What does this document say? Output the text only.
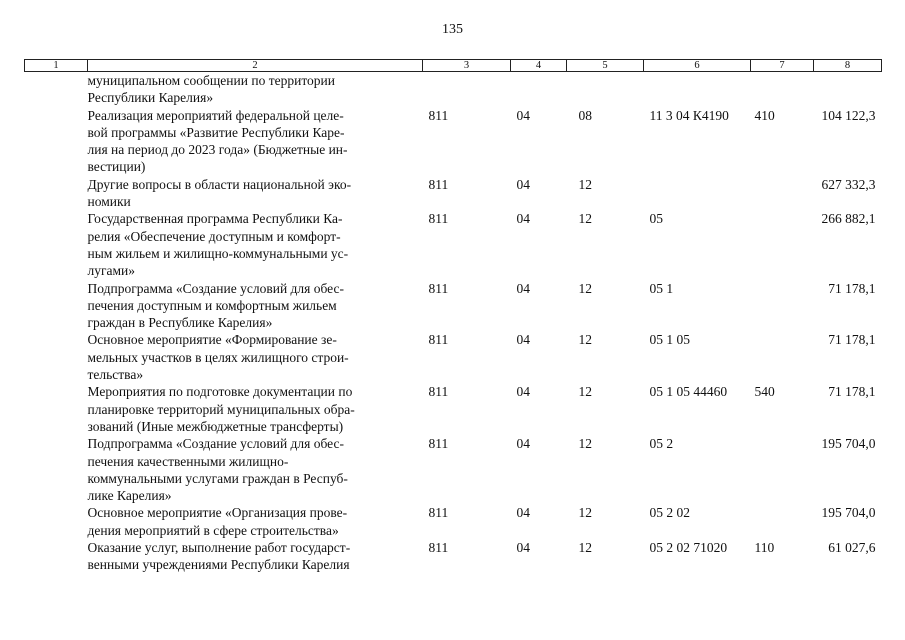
135
1	2	3	4	5	6	7	8
муниципальном сообщении по территории
Республики Карелия»							
Реализация мероприятий федеральной целе-
вой программы «Развитие Республики Каре-
лия на период до 2023 года» (Бюджетные ин-
вестиции)		811	04	08	11 3 04 К4190	410	104 122,3
Другие вопросы в области национальной эко-
номики		811	04	12			627 332,3
Государственная программа Республики Ка-
релия «Обеспечение доступным и комфорт-
ным жильем и жилищно-коммунальными ус-
лугами»		811	04	12	05		266 882,1
Подпрограмма «Создание условий для обес-
печения доступным и комфортным жильем
граждан в Республике Карелия»		811	04	12	05 1		71 178,1
Основное мероприятие «Формирование зе-
мельных участков в целях жилищного строи-
тельства»		811	04	12	05 1 05		71 178,1
Мероприятия по подготовке документации по
планировке территорий муниципальных обра-
зований (Иные межбюджетные трансферты)		811	04	12	05 1 05 44460	540	71 178,1
Подпрограмма «Создание условий для обес-
печения качественными жилищно-
коммунальными услугами граждан в Респуб-
лике Карелия»		811	04	12	05 2		195 704,0
Основное мероприятие «Организация прове-
дения мероприятий в сфере строительства»		811	04	12	05 2 02		195 704,0
Оказание услуг, выполнение работ государст-
венными учреждениями Республики Карелия		811	04	12	05 2 02 71020	110	61 027,6
